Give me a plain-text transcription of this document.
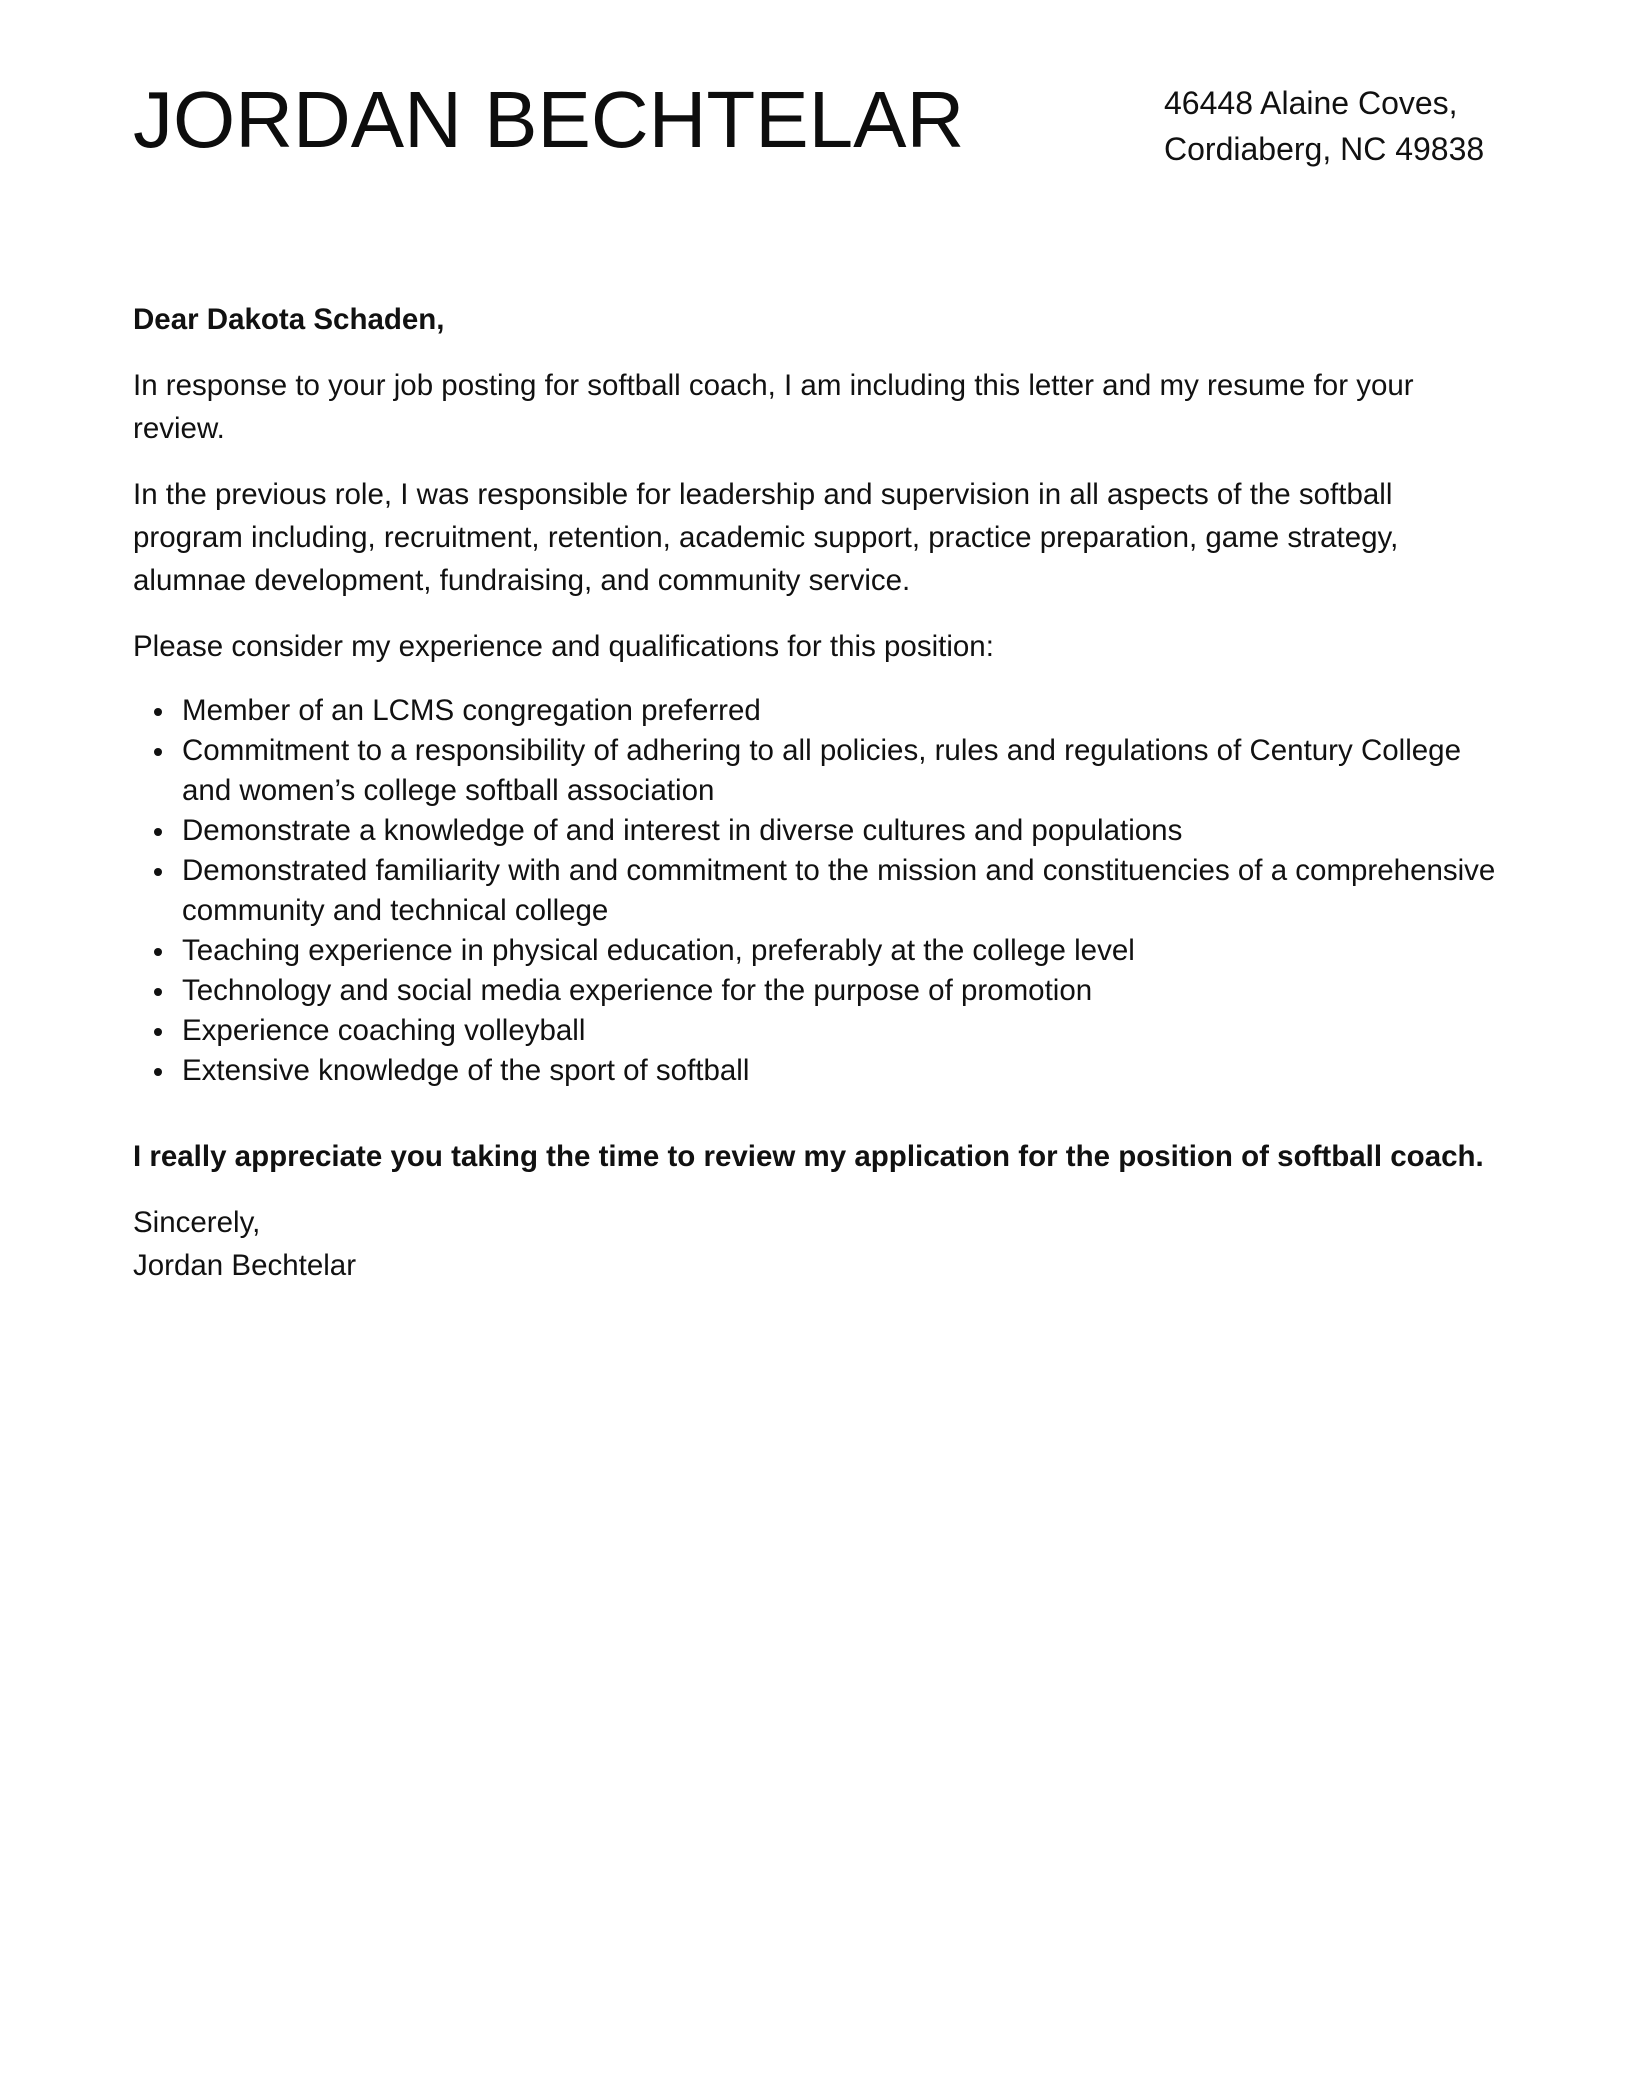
JORDAN BECHTELAR	46448 Alaine Coves,
Cordiaberg, NC 49838

Dear Dakota Schaden,

In response to your job posting for softball coach, I am including this letter and my resume for your review.

In the previous role, I was responsible for leadership and supervision in all aspects of the softball program including, recruitment, retention, academic support, practice preparation, game strategy, alumnae development, fundraising, and community service.

Please consider my experience and qualifications for this position:

Member of an LCMS congregation preferred
Commitment to a responsibility of adhering to all policies, rules and regulations of Century College and women’s college softball association
Demonstrate a knowledge of and interest in diverse cultures and populations
Demonstrated familiarity with and commitment to the mission and constituencies of a comprehensive community and technical college
Teaching experience in physical education, preferably at the college level
Technology and social media experience for the purpose of promotion
Experience coaching volleyball
Extensive knowledge of the sport of softball

I really appreciate you taking the time to review my application for the position of softball coach.

Sincerely,
Jordan Bechtelar
